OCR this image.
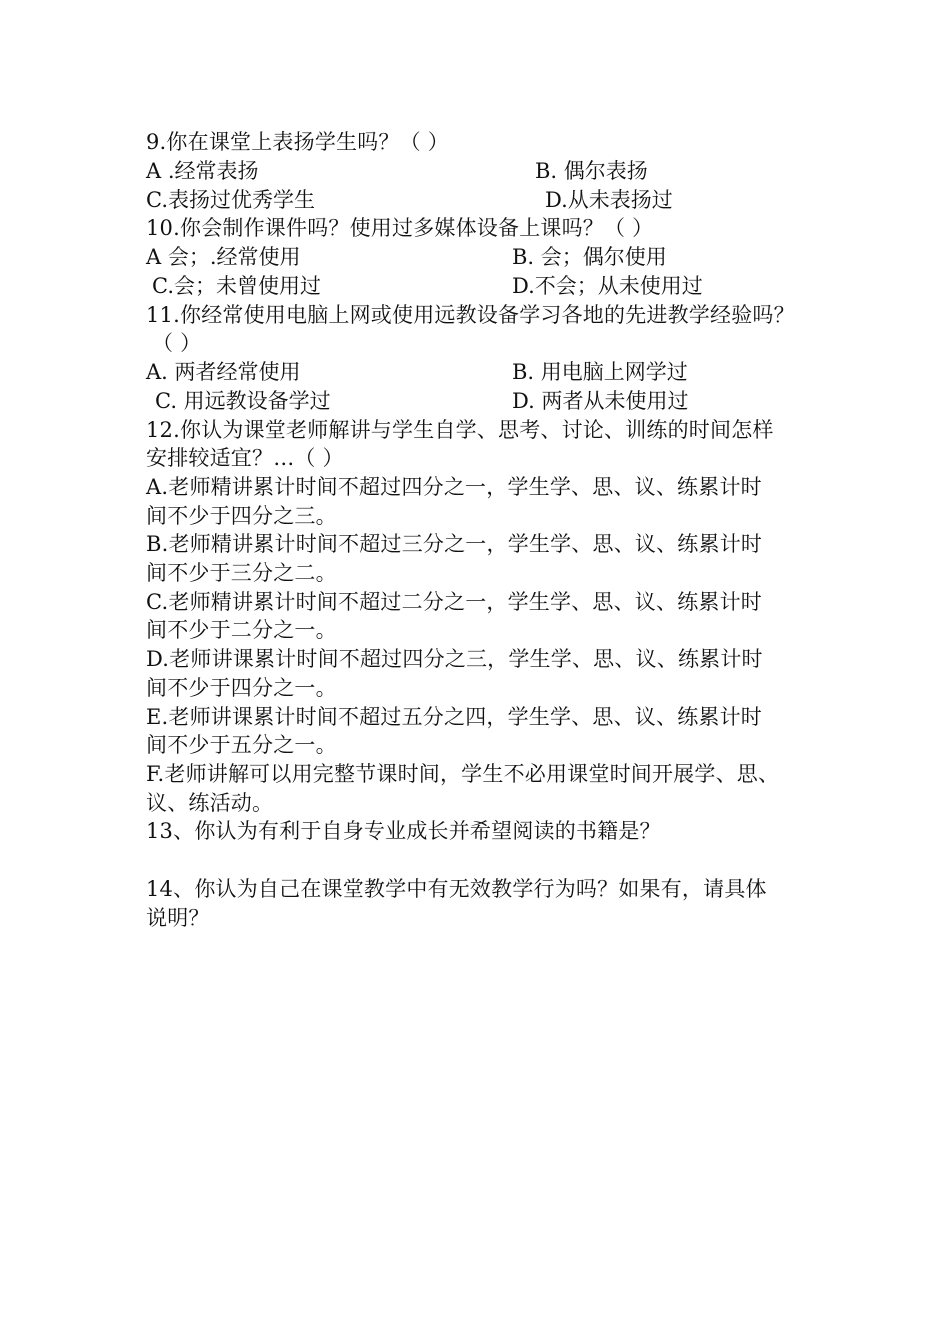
9.你在课堂上表扬学生吗？（ ）
A .经常表扬	B. 偶尔表扬
C.表扬过优秀学生	D.从未表扬过
10.你会制作课件吗？使用过多媒体设备上课吗？（ ）
A 会；.经常使用	B. 会；偶尔使用
C.会；未曾使用过	D.不会；从未使用过
11.你经常使用电脑上网或使用远教设备学习各地的先进教学经验吗？
（ ）
A. 两者经常使用	B. 用电脑上网学过
C. 用远教设备学过	D. 两者从未使用过
12.你认为课堂老师解讲与学生自学、思考、讨论、训练的时间怎样
安排较适宜？…（ ）
A.老师精讲累计时间不超过四分之一，学生学、思、议、练累计时
间不少于四分之三。
B.老师精讲累计时间不超过三分之一，学生学、思、议、练累计时
间不少于三分之二。
C.老师精讲累计时间不超过二分之一，学生学、思、议、练累计时
间不少于二分之一。
D.老师讲课累计时间不超过四分之三，学生学、思、议、练累计时
间不少于四分之一。
E.老师讲课累计时间不超过五分之四，学生学、思、议、练累计时
间不少于五分之一。
F.老师讲解可以用完整节课时间，学生不必用课堂时间开展学、思、
议、练活动。
13、你认为有利于自身专业成长并希望阅读的书籍是？
14、你认为自己在课堂教学中有无效教学行为吗？如果有，请具体
说明？
